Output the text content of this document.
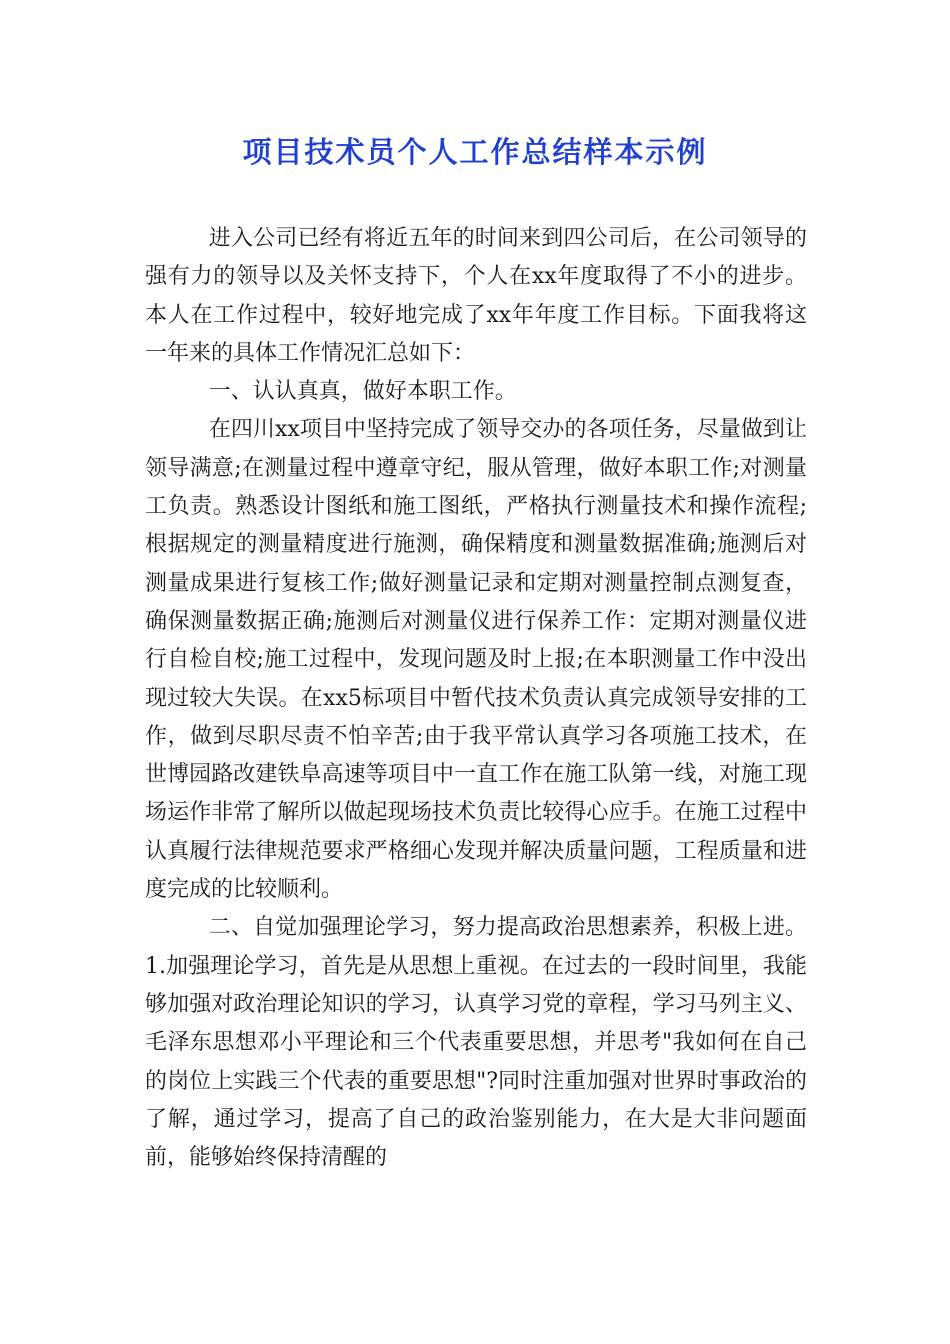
项目技术员个人工作总结样本示例

进入公司已经有将近五年的时间来到四公司后，在公司领导的强有力的领导以及关怀支持下，个人在xx年度取得了不小的进步。本人在工作过程中，较好地完成了xx年年度工作目标。下面我将这一年来的具体工作情况汇总如下：

一、认认真真，做好本职工作。

在四川xx项目中坚持完成了领导交办的各项任务，尽量做到让领导满意;在测量过程中遵章守纪，服从管理，做好本职工作;对测量工负责。熟悉设计图纸和施工图纸，严格执行测量技术和操作流程;根据规定的测量精度进行施测，确保精度和测量数据准确;施测后对测量成果进行复核工作;做好测量记录和定期对测量控制点测复查，确保测量数据正确;施测后对测量仪进行保养工作：定期对测量仪进行自检自校;施工过程中，发现问题及时上报;在本职测量工作中没出现过较大失误。在xx5标项目中暂代技术负责认真完成领导安排的工作，做到尽职尽责不怕辛苦;由于我平常认真学习各项施工技术，在世博园路改建铁阜高速等项目中一直工作在施工队第一线，对施工现场运作非常了解所以做起现场技术负责比较得心应手。在施工过程中认真履行法律规范要求严格细心发现并解决质量问题，工程质量和进度完成的比较顺利。

二、自觉加强理论学习，努力提高政治思想素养，积极上进。 1.加强理论学习，首先是从思想上重视。在过去的一段时间里，我能够加强对政治理论知识的学习，认真学习党的章程，学习马列主义、毛泽东思想邓小平理论和三个代表重要思想，并思考"我如何在自己的岗位上实践三个代表的重要思想"?同时注重加强对世界时事政治的了解，通过学习，提高了自己的政治鉴别能力，在大是大非问题面前，能够始终保持清醒的
